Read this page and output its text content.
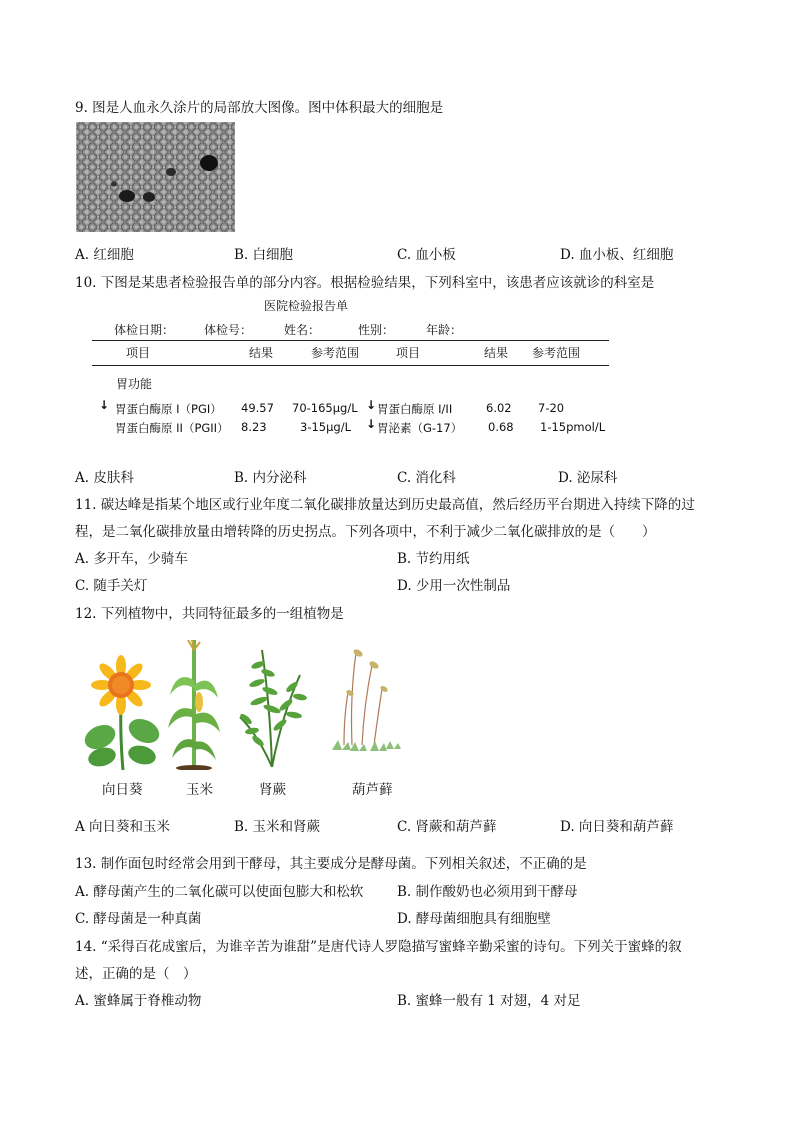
9. 图是人血永久涂片的局部放大图像。图中体积最大的细胞是
A. 红细胞	B. 白细胞	C. 血小板	D. 血小板、红细胞
10. 下图是某患者检验报告单的部分内容。根据检验结果，下列科室中，该患者应该就诊的科室是
医院检验报告单
体检日期： 体检号：	姓名：	性别：	年龄：
项目	结果	参考范围	项目	结果 参考范围
胃功能
↓ 胃蛋白酶原 I（PGI） 49.57 70-165μg/L ↓ 胃蛋白酶原 I/II	6.02 7-20
胃蛋白酶原 II（PGII） 8.23	3-15μg/L ↓ 胃泌素（G-17） 0.68 1-15pmol/L
A. 皮肤科	B. 内分泌科	C. 消化科	D. 泌尿科
11. 碳达峰是指某个地区或行业年度二氧化碳排放量达到历史最高值，然后经历平台期进入持续下降的过
程，是二氧化碳排放量由增转降的历史拐点。下列各项中，不利于减少二氧化碳排放的是（　　）
A. 多开车，少骑车	B. 节约用纸
C. 随手关灯	D. 少用一次性制品
12. 下列植物中，共同特征最多的一组植物是
向日葵	玉米	肾蕨	葫芦藓
A 向日葵和玉米	B. 玉米和肾蕨	C. 肾蕨和葫芦藓	D. 向日葵和葫芦藓
13. 制作面包时经常会用到干酵母，其主要成分是酵母菌。下列相关叙述，不正确的是
A. 酵母菌产生的二氧化碳可以使面包膨大和松软 B. 制作酸奶也必须用到干酵母
C. 酵母菌是一种真菌	D. 酵母菌细胞具有细胞壁
14. “采得百花成蜜后，为谁辛苦为谁甜”是唐代诗人罗隐描写蜜蜂辛勤采蜜的诗句。下列关于蜜蜂的叙
述，正确的是（　）
A. 蜜蜂属于脊椎动物	B. 蜜蜂一般有 1 对翅，4 对足
